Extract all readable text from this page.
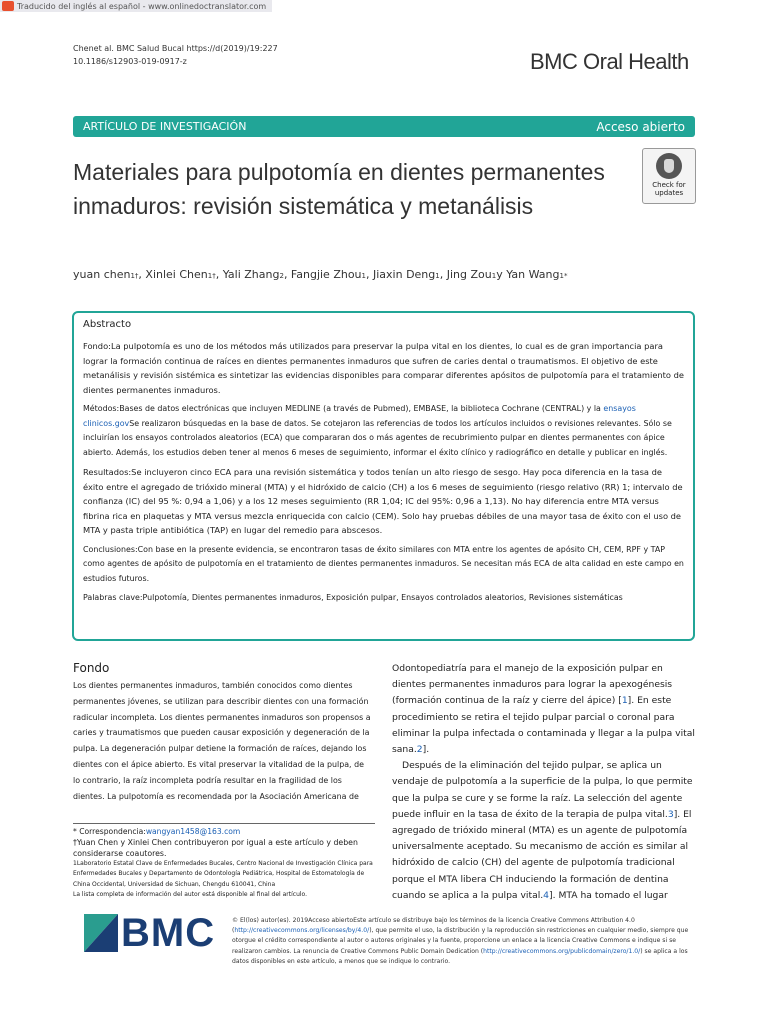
Traducido del inglés al español - www.onlinedoctranslator.com
Chenet al. BMC Salud Bucal https://d(2019)/19:227
10.1186/s12903-019-0917-z	BMC Oral Health
ARTÍCULO DE INVESTIGACIÓN	Acceso abierto
Materiales para pulpotomía en dientes permanentes inmaduros: revisión sistemática y metanálisis
Check for
updates
yuan chen1†, Xinlei Chen1†, Yali Zhang2, Fangjie Zhou1, Jiaxin Deng1, Jing Zou1y Yan Wang1*
Abstracto

Fondo:La pulpotomía es uno de los métodos más utilizados para preservar la pulpa vital en los dientes, lo cual es de gran importancia para lograr la formación continua de raíces en dientes permanentes inmaduros que sufren de caries dental o traumatismos. El objetivo de este metanálisis y revisión sistémica es sintetizar las evidencias disponibles para comparar diferentes apósitos de pulpotomía para el tratamiento de dientes permanentes inmaduros.

Métodos:Bases de datos electrónicas que incluyen MEDLINE (a través de Pubmed), EMBASE, la biblioteca Cochrane (CENTRAL) y la ensayos clinicos.govSe realizaron búsquedas en la base de datos. Se cotejaron las referencias de todos los artículos incluidos o revisiones relevantes. Sólo se incluirían los ensayos controlados aleatorios (ECA) que compararan dos o más agentes de recubrimiento pulpar en dientes permanentes con ápice abierto. Además, los estudios deben tener al menos 6 meses de seguimiento, informar el éxito clínico y radiográfico en detalle y publicar en inglés.

Resultados:Se incluyeron cinco ECA para una revisión sistemática y todos tenían un alto riesgo de sesgo. Hay poca diferencia en la tasa de éxito entre el agregado de trióxido mineral (MTA) y el hidróxido de calcio (CH) a los 6 meses de seguimiento (riesgo relativo (RR) 1; intervalo de confianza (IC) del 95 %: 0,94 a 1,06) y a los 12 meses seguimiento (RR 1,04; IC del 95%: 0,96 a 1,13). No hay diferencia entre MTA versus fibrina rica en plaquetas y MTA versus mezcla enriquecida con calcio (CEM). Solo hay pruebas débiles de una mayor tasa de éxito con el uso de MTA y pasta triple antibiótica (TAP) en lugar del remedio para abscesos.

Conclusiones:Con base en la presente evidencia, se encontraron tasas de éxito similares con MTA entre los agentes de apósito CH, CEM, RPF y TAP como agentes de apósito de pulpotomía en el tratamiento de dientes permanentes inmaduros. Se necesitan más ECA de alta calidad en este campo en estudios futuros.

Palabras clave:Pulpotomía, Dientes permanentes inmaduros, Exposición pulpar, Ensayos controlados aleatorios, Revisiones sistemáticas

Fondo

Los dientes permanentes inmaduros, también conocidos como dientes permanentes jóvenes, se utilizan para describir dientes con una formación radicular incompleta. Los dientes permanentes inmaduros son propensos a caries y traumatismos que pueden causar exposición y degeneración de la pulpa. La degeneración pulpar detiene la formación de raíces, dejando los dientes con el ápice abierto. Es vital preservar la vitalidad de la pulpa, de lo contrario, la raíz incompleta podría resultar en la fragilidad de los dientes. La pulpotomía es recomendada por la Asociación Americana de

Odontopediatría para el manejo de la exposición pulpar en dientes permanentes inmaduros para lograr la apexogénesis (formación continua de la raíz y cierre del ápice) [1]. En este procedimiento se retira el tejido pulpar parcial o coronal para eliminar la pulpa infectada o contaminada y llegar a la pulpa vital sana.2].

Después de la eliminación del tejido pulpar, se aplica un vendaje de pulpotomía a la superficie de la pulpa, lo que permite que la pulpa se cure y se forme la raíz. La selección del agente puede influir en la tasa de éxito de la terapia de pulpa vital.3]. El agregado de trióxido mineral (MTA) es un agente de pulpotomía universalmente aceptado. Su mecanismo de acción es similar al hidróxido de calcio (CH) del agente de pulpotomía tradicional porque el MTA libera CH induciendo la formación de dentina cuando se aplica a la pulpa vital.4]. MTA ha tomado el lugar

* Correspondencia:wangyan1458@163.com

†Yuan Chen y Xinlei Chen contribuyeron por igual a este artículo y deben considerarse coautores.

1Laboratorio Estatal Clave de Enfermedades Bucales, Centro Nacional de Investigación Clínica para Enfermedades Bucales y Departamento de Odontología Pediátrica, Hospital de Estomatología de China Occidental, Universidad de Sichuan, Chengdu 610041, China

La lista completa de información del autor está disponible al final del artículo.

BMC	© El(los) autor(es). 2019Acceso abiertoEste artículo se distribuye bajo los términos de la licencia Creative Commons Attribution 4.0 (http://creativecommons.org/licenses/by/4.0/), que permite el uso, la distribución y la reproducción sin restricciones en cualquier medio, siempre que otorgue el crédito correspondiente al autor o autores originales y la fuente, proporcione un enlace a la licencia Creative Commons e indique si se realizaron cambios. La renuncia de Creative Commons Public Domain Dedication (http://creativecommons.org/publicdomain/zero/1.0/) se aplica a los datos disponibles en este artículo, a menos que se indique lo contrario.
